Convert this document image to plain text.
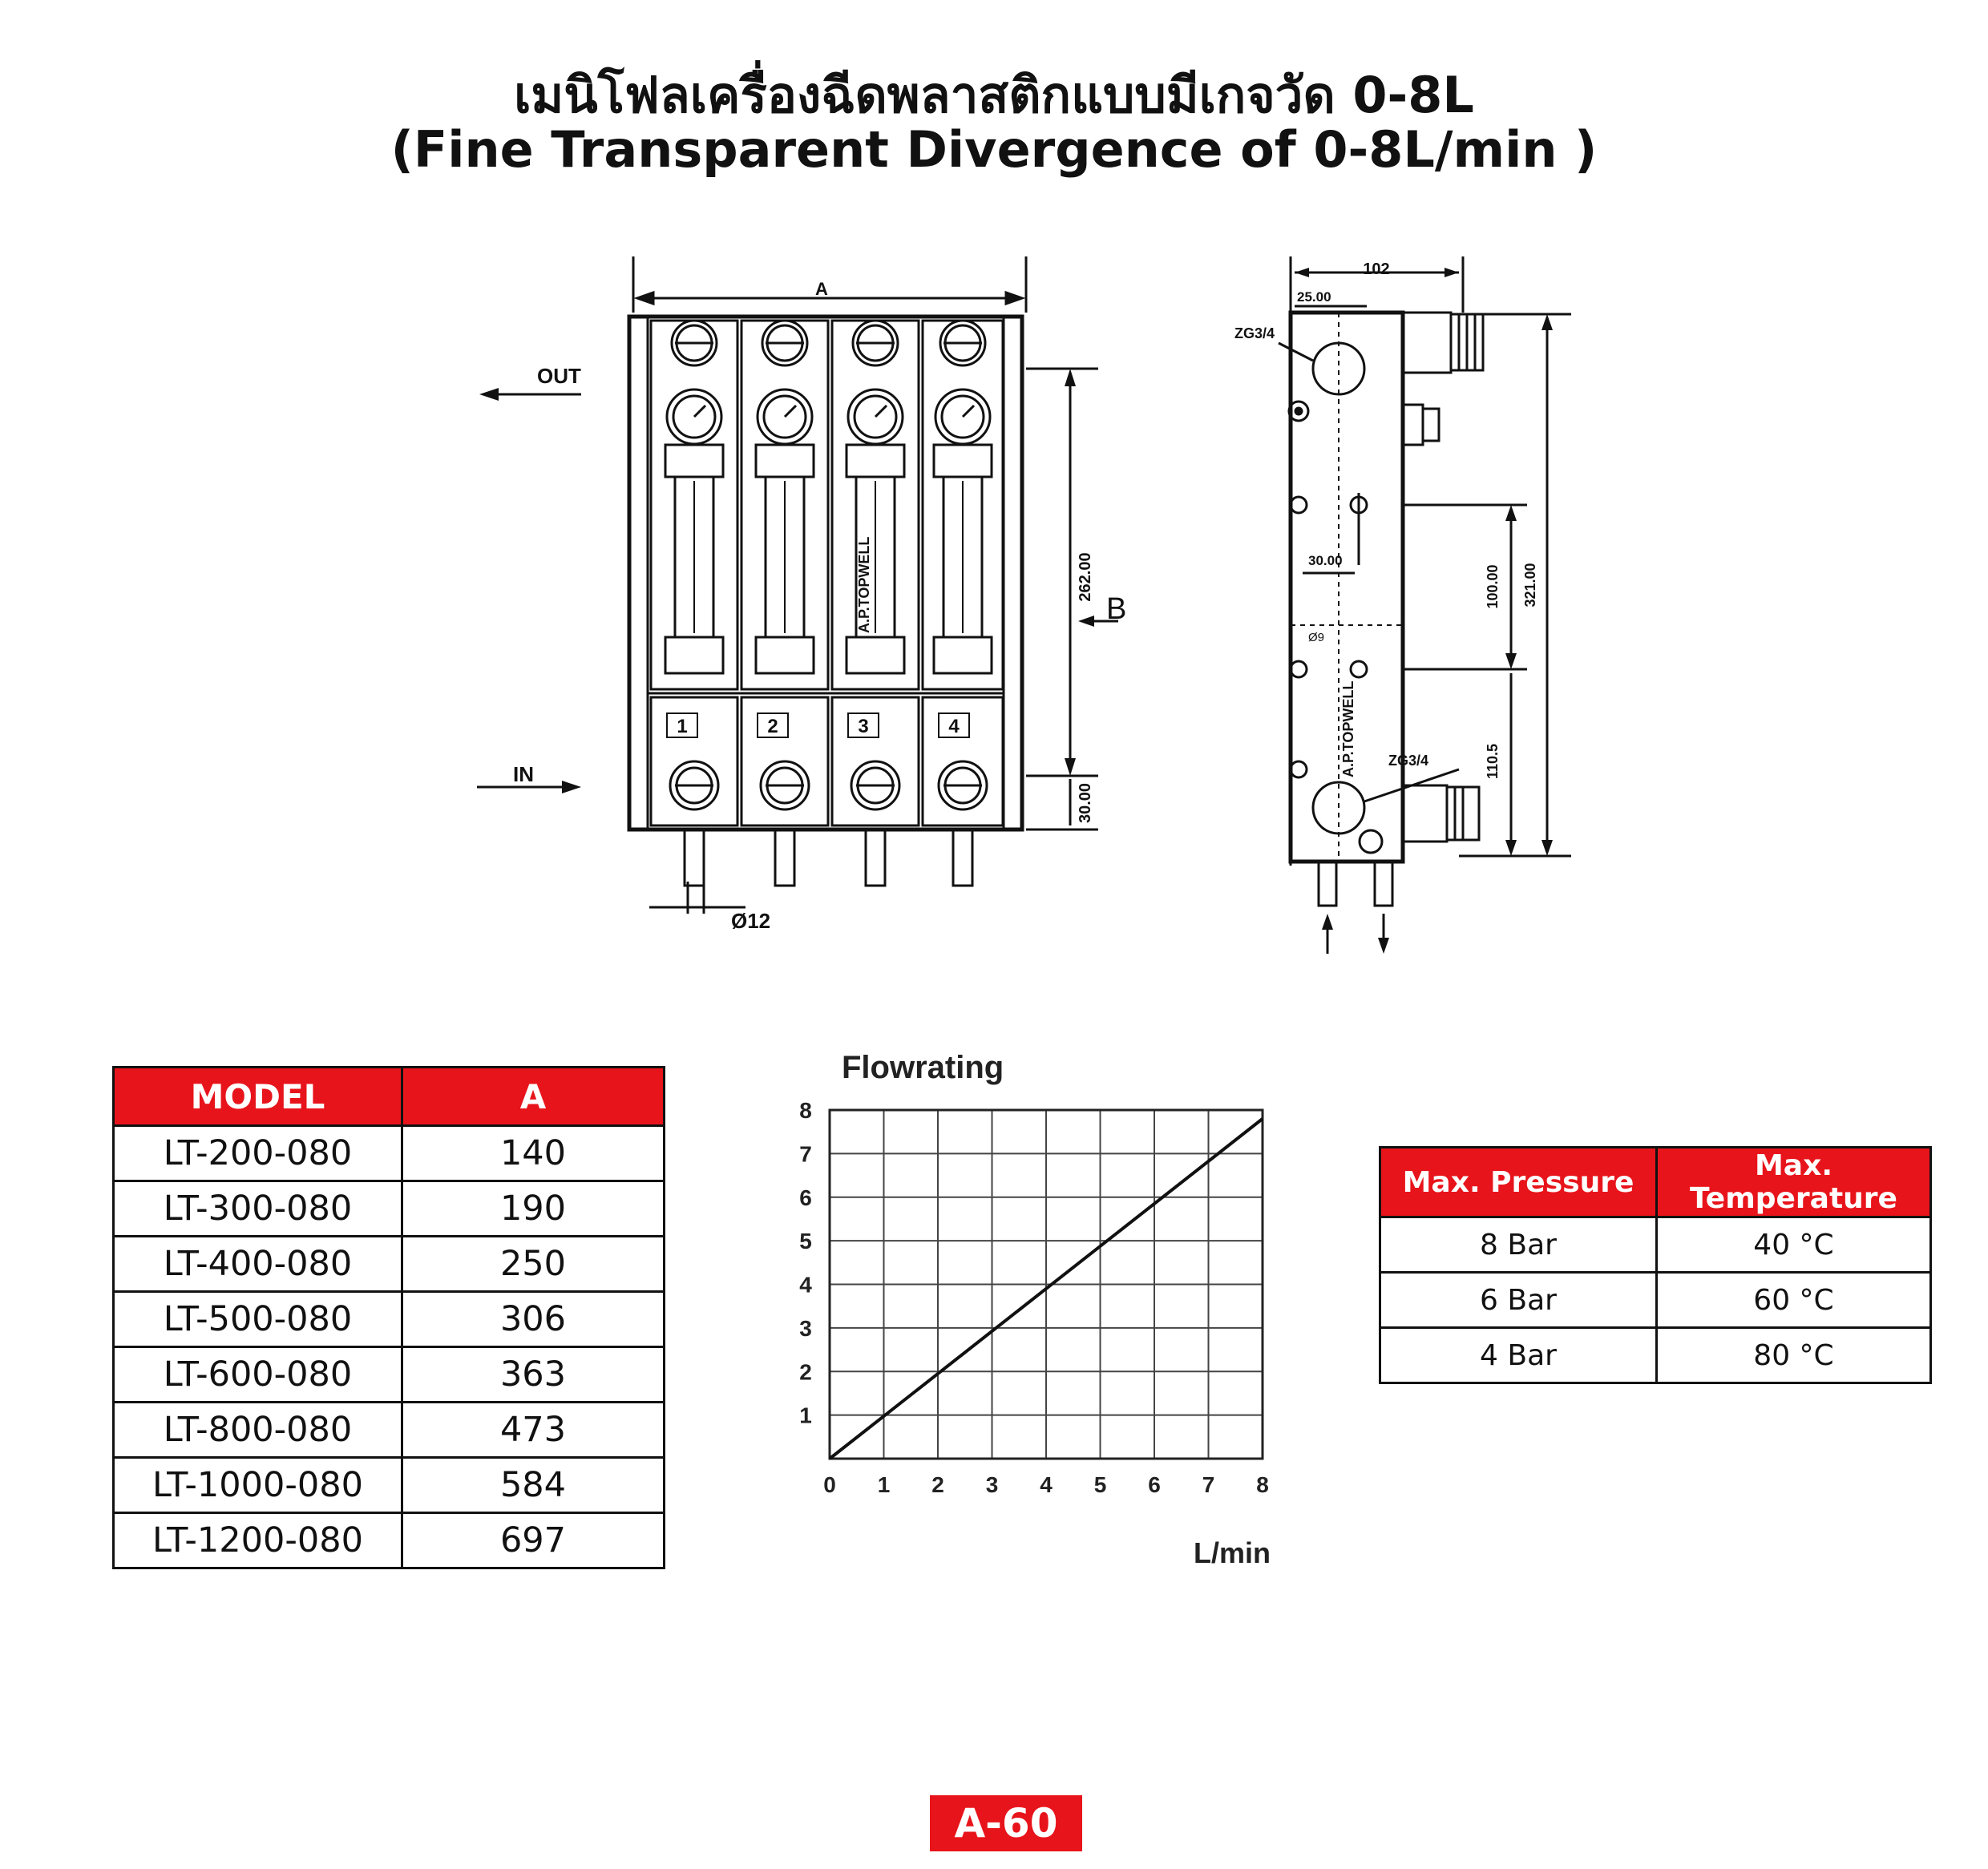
เมนิโฟลเครื่องฉีดพลาสติกแบบมีเกจวัด 0-8L
(Fine Transparent Divergence of 0-8L/min )
A
OUT
IN
1	2	3	4
A.P.TOPWELL	262.00
30.00
B
Ø12
102
25.00
ZG3/4
ZG3/4
30.00
Ø9
100.00
110.5
321.00
A.P.TOPWELL
MODEL	A
LT-200-080	140
LT-300-080	190
LT-400-080	250
LT-500-080	306
LT-600-080	363
LT-800-080	473
LT-1000-080	584
LT-1200-080	697
Flowrating
1
2
3
4
5
6
7
8
0 1 2 3 4 5 6 7 8
L/min
Max. Pressure	Max. Temperature
8 Bar	40 °C
6 Bar	60 °C
4 Bar	80 °C
A-60
